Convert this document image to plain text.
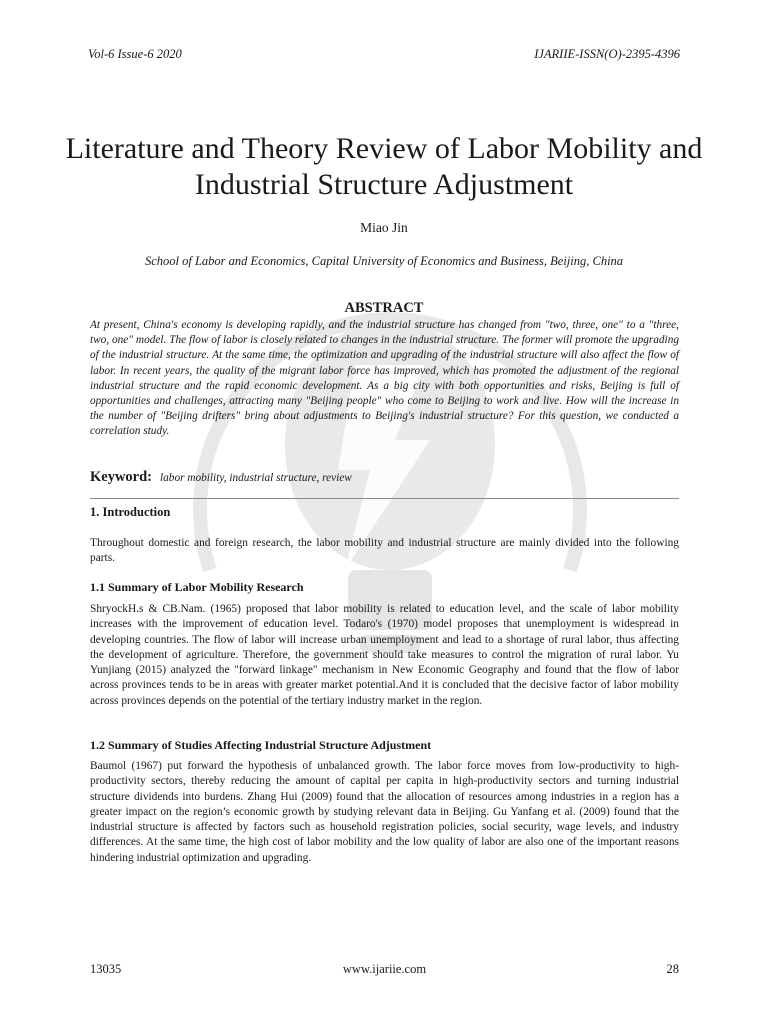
Vol-6 Issue-6 2020	IJARIIE-ISSN(O)-2395-4396
Literature and Theory Review of Labor Mobility and Industrial Structure Adjustment
Miao Jin
School of Labor and Economics, Capital University of Economics and Business, Beijing, China
ABSTRACT
At present, China's economy is developing rapidly, and the industrial structure has changed from "two, three, one" to a "three, two, one" model. The flow of labor is closely related to changes in the industrial structure. The former will promote the upgrading of the industrial structure. At the same time, the optimization and upgrading of the industrial structure will also affect the flow of labor. In recent years, the quality of the migrant labor force has improved, which has promoted the adjustment of the regional industrial structure and the rapid economic development. As a big city with both opportunities and risks, Beijing is full of opportunities and challenges, attracting many "Beijing people" who come to Beijing to work and live. How will the increase in the number of "Beijing drifters" bring about adjustments to Beijing's industrial structure? For this question, we conducted a correlation study.
Keyword: labor mobility, industrial structure, review
1. Introduction
Throughout domestic and foreign research, the labor mobility and industrial structure are mainly divided into the following parts.
1.1 Summary of Labor Mobility Research
ShryockH.s & CB.Nam. (1965) proposed that labor mobility is related to education level, and the scale of labor mobility increases with the improvement of education level. Todaro's (1970) model proposes that unemployment is widespread in developing countries. The flow of labor will increase urban unemployment and lead to a shortage of rural labor, thus affecting the development of agriculture. Therefore, the government should take measures to control the migration of rural labor. Yu Yunjiang (2015) analyzed the "forward linkage" mechanism in New Economic Geography and found that the flow of labor across provinces tends to be in areas with greater market potential.And it is concluded that the decisive factor of labor mobility across provinces depends on the potential of the tertiary industry market in the region.
1.2 Summary of Studies Affecting Industrial Structure Adjustment
Baumol (1967) put forward the hypothesis of unbalanced growth. The labor force moves from low-productivity to high-productivity sectors, thereby reducing the amount of capital per capita in high-productivity sectors and turning industrial structure dividends into burdens. Zhang Hui (2009) found that the allocation of resources among industries in a region has a greater impact on the region’s economic growth by studying relevant data in Beijing. Gu Yanfang et al. (2009) found that the industrial structure is affected by factors such as household registration policies, social security, wage levels, and industry differences. At the same time, the high cost of labor mobility and the low quality of labor are also one of the important reasons hindering industrial optimization and upgrading.
13035	www.ijariie.com	28
